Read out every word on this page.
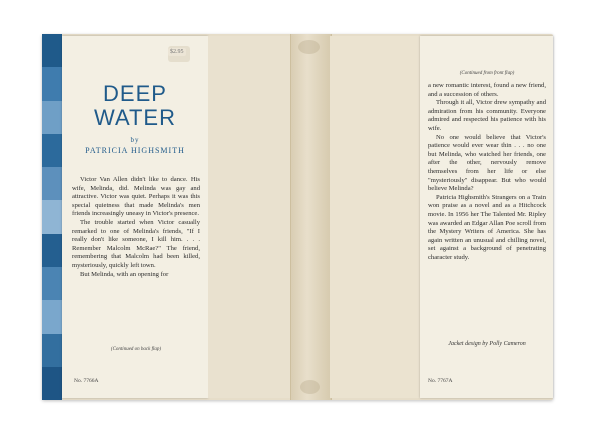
$2.95
DEEP
WATER
by
PATRICIA HIGHSMITH

Victor Van Allen didn't like to dance. His wife, Melinda, did. Melinda was gay and attractive. Victor was quiet. Perhaps it was this special quietness that made Melinda's men friends increasingly uneasy in Victor's presence.

The trouble started when Victor casually remarked to one of Melinda's friends, "If I really don't like someone, I kill him. . . . Remember Malcolm McRae?" The friend, remembering that Malcolm had been killed, mysteriously, quickly left town.

But Melinda, with an opening for

(Continued on back flap)
No. 7766A
(Continued from front flap)

a new romantic interest, found a new friend, and a succession of others.

Through it all, Victor drew sympathy and admiration from his community. Everyone admired and respected his patience with his wife.

No one would believe that Victor's patience would ever wear thin . . . no one but Melinda, who watched her friends, one after the other, nervously remove themselves from her life or else "mysteriously" disappear. But who would believe Melinda?

Patricia Highsmith's Strangers on a Train won praise as a novel and as a Hitchcock movie. In 1956 her The Talented Mr. Ripley was awarded an Edgar Allan Poe scroll from the Mystery Writers of America. She has again written an unusual and chilling novel, set against a background of penetrating character study.

Jacket design by Polly Cameron
No. 7767A
